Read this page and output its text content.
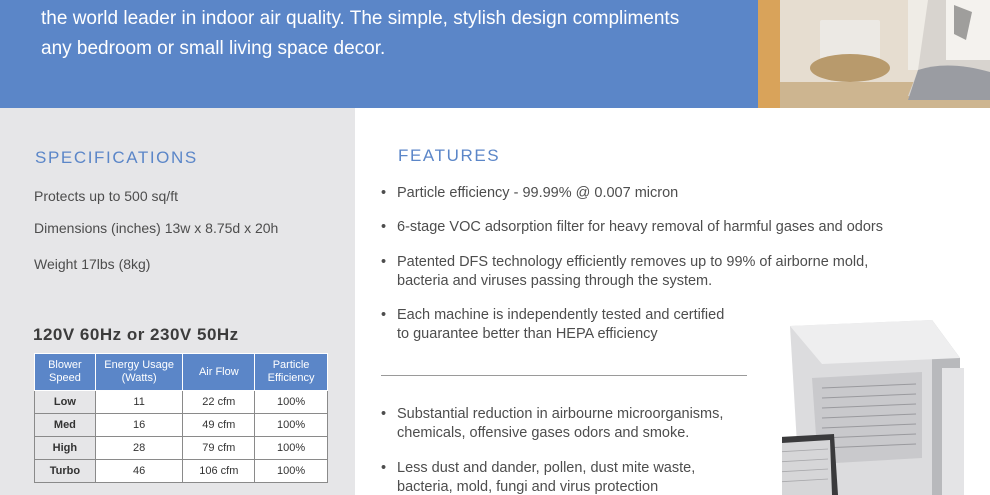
the world leader in indoor air quality. The simple, stylish design compliments
any bedroom or small living space decor.
SPECIFICATIONS
Protects up to 500 sq/ft
Dimensions (inches) 13w x 8.75d x 20h
Weight 17lbs (8kg)
120V 60Hz or 230V 50Hz
Blower Speed	Energy Usage (Watts)	Air Flow	Particle Efficiency
Low	11	22 cfm	100%
Med	16	49 cfm	100%
High	28	79 cfm	100%
Turbo	46	106 cfm	100%
FEATURES
• Particle efficiency - 99.99% @ 0.007 micron
• 6-stage VOC adsorption filter for heavy removal of harmful gases and odors
• Patented DFS technology efficiently removes up to 99% of airborne mold,
bacteria and viruses passing through the system.
• Each machine is independently tested and certified
to guarantee better than HEPA efficiency
• Substantial reduction in airbourne microorganisms,
chemicals, offensive gases odors and smoke.
• Less dust and dander, pollen, dust mite waste,
bacteria, mold, fungi and virus protection
